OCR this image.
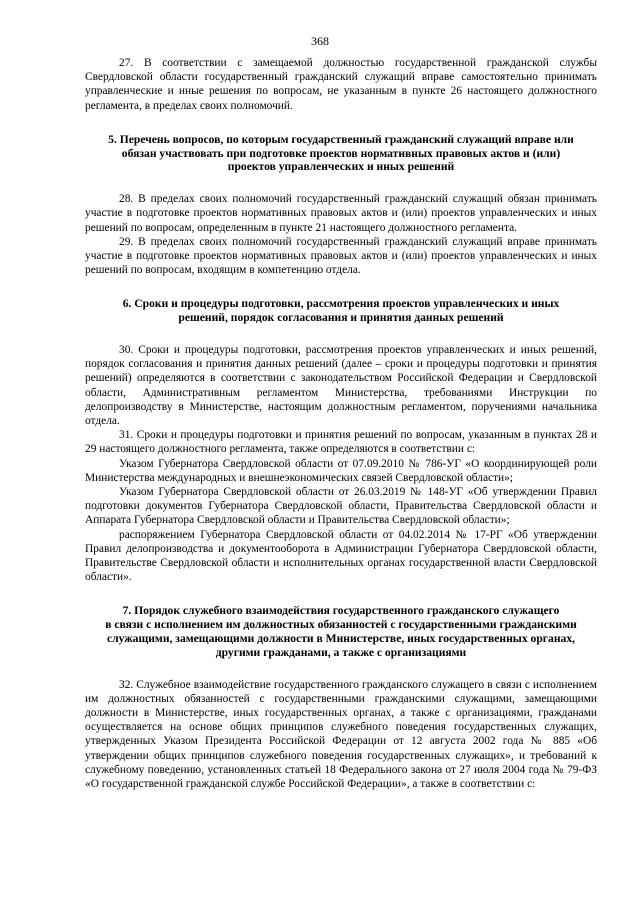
368

27. В соответствии с замещаемой должностью государственной гражданской службы Свердловской области государственный гражданский служащий вправе самостоятельно принимать управленческие и иные решения по вопросам, не указанным в пункте 26 настоящего должностного регламента, в пределах своих полномочий.

5. Перечень вопросов, по которым государственный гражданский служащий вправе или
обязан участвовать при подготовке проектов нормативных правовых актов и (или)
проектов управленческих и иных решений

28. В пределах своих полномочий государственный гражданский служащий обязан принимать участие в подготовке проектов нормативных правовых актов и (или) проектов управленческих и иных решений по вопросам, определенным в пункте 21 настоящего должностного регламента.

29. В пределах своих полномочий государственный гражданский служащий вправе принимать участие в подготовке проектов нормативных правовых актов и (или) проектов управленческих и иных решений по вопросам, входящим в компетенцию отдела.

6. Сроки и процедуры подготовки, рассмотрения проектов управленческих и иных
решений, порядок согласования и принятия данных решений

30. Сроки и процедуры подготовки, рассмотрения проектов управленческих и иных решений, порядок согласования и принятия данных решений (далее – сроки и процедуры подготовки и принятия решений) определяются в соответствии с законодательством Российской Федерации и Свердловской области, Административным регламентом Министерства, требованиями Инструкции по делопроизводству в Министерстве, настоящим должностным регламентом, поручениями начальника отдела.

31. Сроки и процедуры подготовки и принятия решений по вопросам, указанным в пунктах 28 и 29 настоящего должностного регламента, также определяются в соответствии с:

Указом Губернатора Свердловской области от 07.09.2010 № 786-УГ «О координирующей роли Министерства международных и внешнеэкономических связей Свердловской области»;

Указом Губернатора Свердловской области от 26.03.2019 № 148-УГ «Об утверждении Правил подготовки документов Губернатора Свердловской области, Правительства Свердловской области и Аппарата Губернатора Свердловской области и Правительства Свердловской области»;

распоряжением Губернатора Свердловской области от 04.02.2014 № 17-РГ «Об утверждении Правил делопроизводства и документооборота в Администрации Губернатора Свердловской области, Правительстве Свердловской области и исполнительных органах государственной власти Свердловской области».

7. Порядок служебного взаимодействия государственного гражданского служащего
в связи с исполнением им должностных обязанностей с государственными гражданскими
служащими, замещающими должности в Министерстве, иных государственных органах,
другими гражданами, а также с организациями

32. Служебное взаимодействие государственного гражданского служащего в связи с исполнением им должностных обязанностей с государственными гражданскими служащими, замещающими должности в Министерстве, иных государственных органах, а также с организациями, гражданами осуществляется на основе общих принципов служебного поведения государственных служащих, утвержденных Указом Президента Российской Федерации от 12 августа 2002 года № 885 «Об утверждении общих принципов служебного поведения государственных служащих», и требований к служебному поведению, установленных статьей 18 Федерального закона от 27 июля 2004 года № 79-ФЗ «О государственной гражданской службе Российской Федерации», а также в соответствии с:
